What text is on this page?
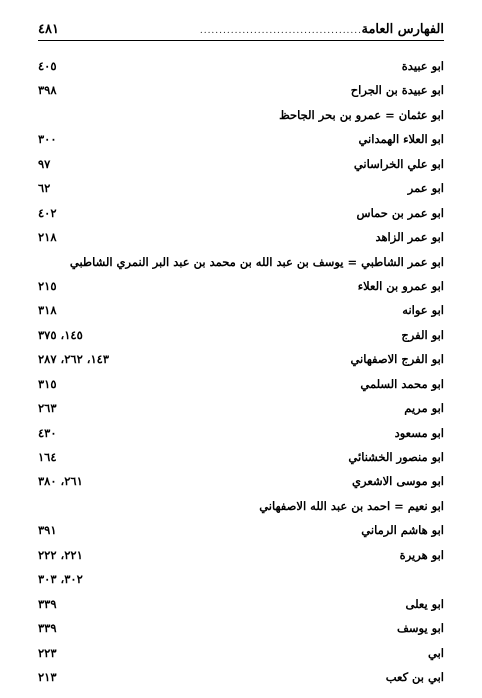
الفهارس العامة
..........................................
٤٨١
ابو عبيدة
٤٠٥
ابو عبيدة بن الجراح
٣٩٨
ابو عثمان = عمرو بن بحر الجاحظ
ابو العلاء الهمداني
٣٠٠
ابو علي الخراساني
٩٧
ابو عمر
٦٢
ابو عمر بن حماس
٤٠٢
ابو عمر الزاهد
٢١٨
ابو عمر الشاطبي = يوسف بن عبد الله بن محمد بن عبد البر النمري الشاطبي
ابو عمرو بن العلاء
٢١٥
ابو عوانه
٣١٨
ابو الفرج
١٤٥، ٣٧٥
ابو الفرج الاصفهاني
١٤٣، ٢٦٢، ٢٨٧
ابو محمد السلمي
٣١٥
ابو مريم
٢٦٣
ابو مسعود
٤٣٠
ابو منصور الخشنائي
١٦٤
ابو موسى الاشعري
٢٦١، ٣٨٠
ابو نعيم = احمد بن عبد الله الاصفهاني
ابو هاشم الرماني
٣٩١
ابو هريرة
٢٢١، ٢٢٢
٣٠٢، ٣٠٣
ابو يعلى
٣٣٩
ابو يوسف
٣٣٩
ابي
٢٢٣
ابي بن كعب
٢١٣
